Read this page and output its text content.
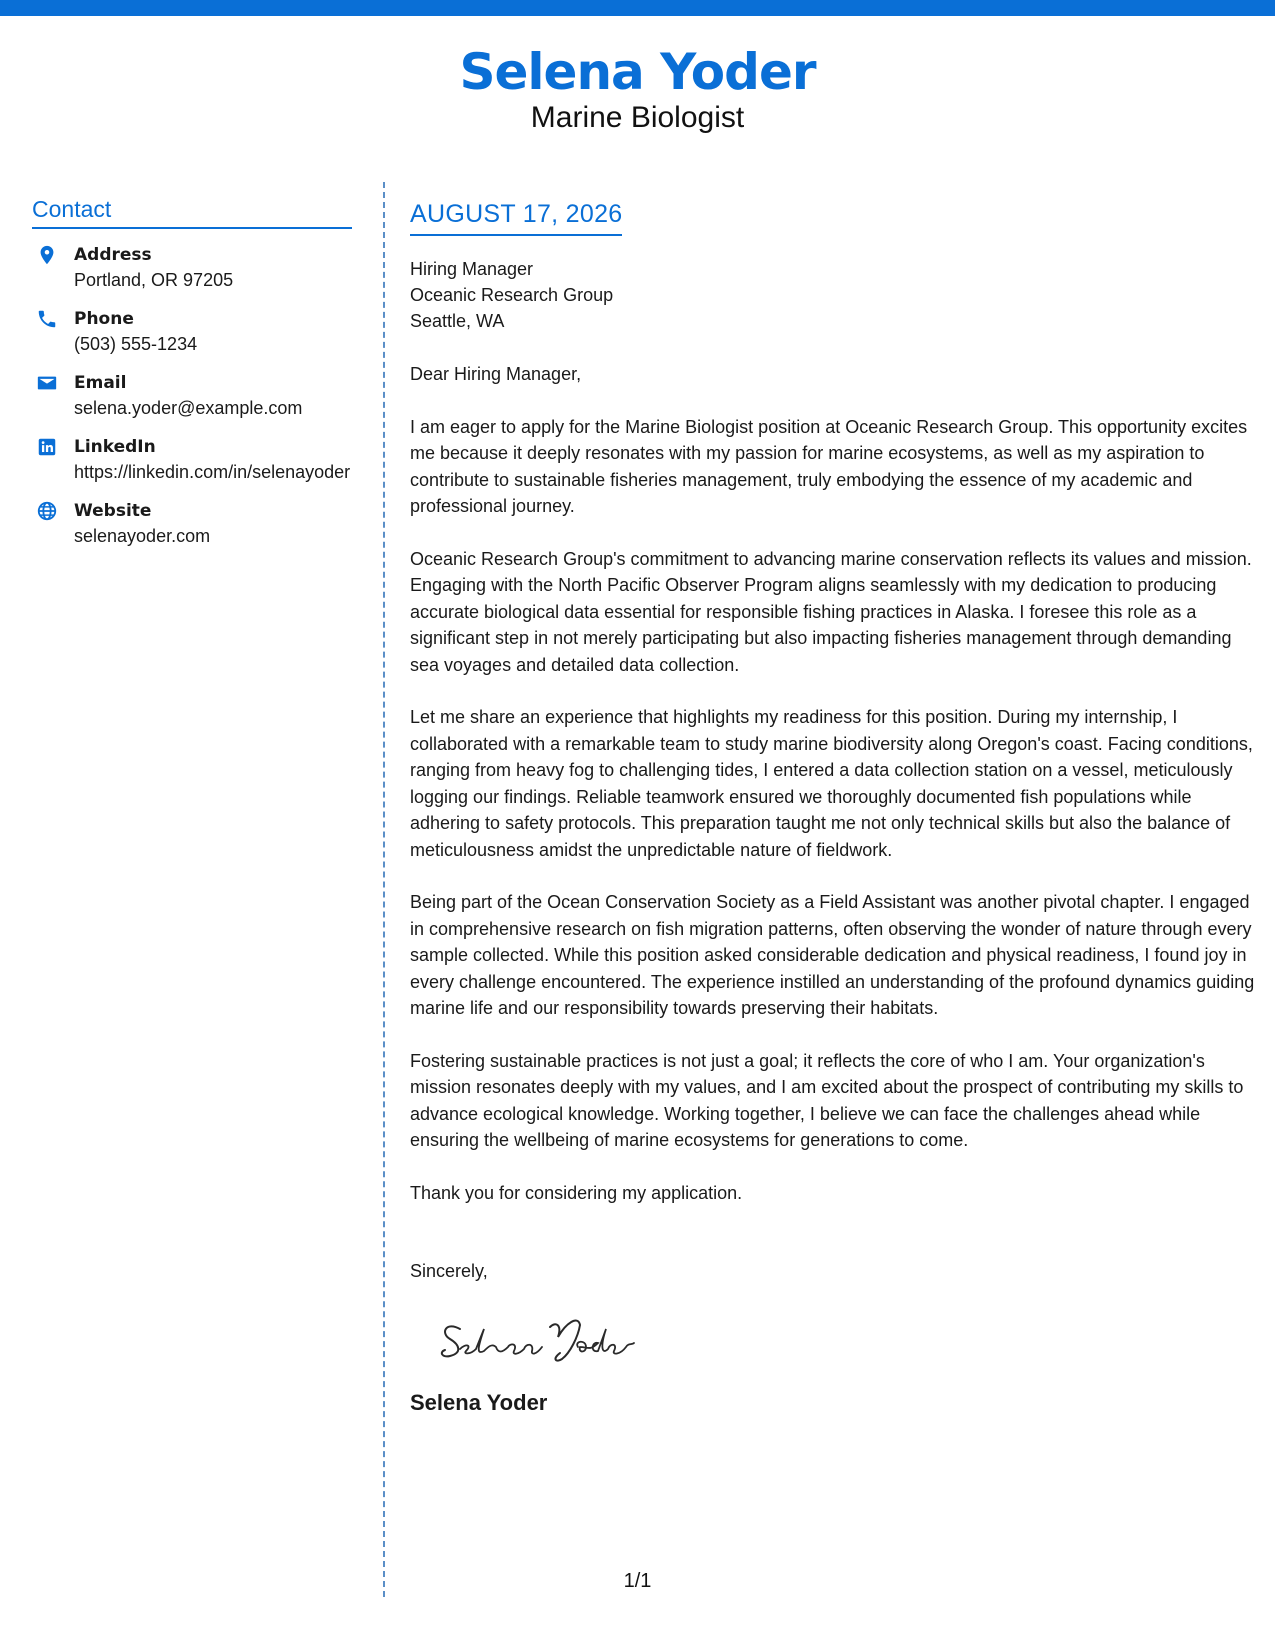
Selena Yoder
Marine Biologist
Contact
Address
Portland, OR 97205
Phone
(503) 555-1234
Email
selena.yoder@example.com
LinkedIn
https://linkedin.com/in/selenayoder
Website
selenayoder.com
AUGUST 17, 2026
Hiring Manager
Oceanic Research Group
Seattle, WA
Dear Hiring Manager,
I am eager to apply for the Marine Biologist position at Oceanic Research Group. This opportunity excites me because it deeply resonates with my passion for marine ecosystems, as well as my aspiration to contribute to sustainable fisheries management, truly embodying the essence of my academic and professional journey.
Oceanic Research Group's commitment to advancing marine conservation reflects its values and mission. Engaging with the North Pacific Observer Program aligns seamlessly with my dedication to producing accurate biological data essential for responsible fishing practices in Alaska. I foresee this role as a significant step in not merely participating but also impacting fisheries management through demanding sea voyages and detailed data collection.
Let me share an experience that highlights my readiness for this position. During my internship, I collaborated with a remarkable team to study marine biodiversity along Oregon's coast. Facing conditions, ranging from heavy fog to challenging tides, I entered a data collection station on a vessel, meticulously logging our findings. Reliable teamwork ensured we thoroughly documented fish populations while adhering to safety protocols. This preparation taught me not only technical skills but also the balance of meticulousness amidst the unpredictable nature of fieldwork.
Being part of the Ocean Conservation Society as a Field Assistant was another pivotal chapter. I engaged in comprehensive research on fish migration patterns, often observing the wonder of nature through every sample collected. While this position asked considerable dedication and physical readiness, I found joy in every challenge encountered. The experience instilled an understanding of the profound dynamics guiding marine life and our responsibility towards preserving their habitats.
Fostering sustainable practices is not just a goal; it reflects the core of who I am. Your organization's mission resonates deeply with my values, and I am excited about the prospect of contributing my skills to advance ecological knowledge. Working together, I believe we can face the challenges ahead while ensuring the wellbeing of marine ecosystems for generations to come.
Thank you for considering my application.
Sincerely,
Selena Yoder
1/1
